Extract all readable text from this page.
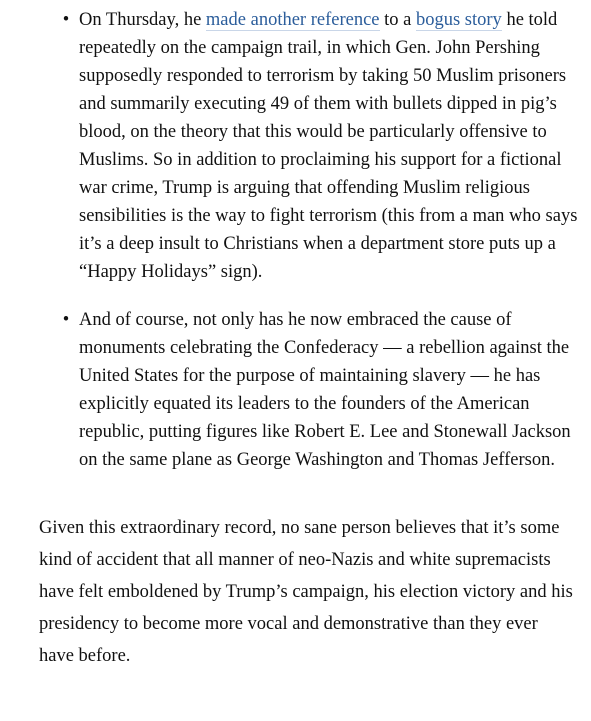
• On Thursday, he made another reference to a bogus story he told repeatedly on the campaign trail, in which Gen. John Pershing supposedly responded to terrorism by taking 50 Muslim prisoners and summarily executing 49 of them with bullets dipped in pig’s blood, on the theory that this would be particularly offensive to Muslims. So in addition to proclaiming his support for a fictional war crime, Trump is arguing that offending Muslim religious sensibilities is the way to fight terrorism (this from a man who says it’s a deep insult to Christians when a department store puts up a “Happy Holidays” sign).
• And of course, not only has he now embraced the cause of monuments celebrating the Confederacy — a rebellion against the United States for the purpose of maintaining slavery — he has explicitly equated its leaders to the founders of the American republic, putting figures like Robert E. Lee and Stonewall Jackson on the same plane as George Washington and Thomas Jefferson.

Given this extraordinary record, no sane person believes that it’s some kind of accident that all manner of neo-Nazis and white supremacists have felt emboldened by Trump’s campaign, his election victory and his presidency to become more vocal and demonstrative than they ever have before.
